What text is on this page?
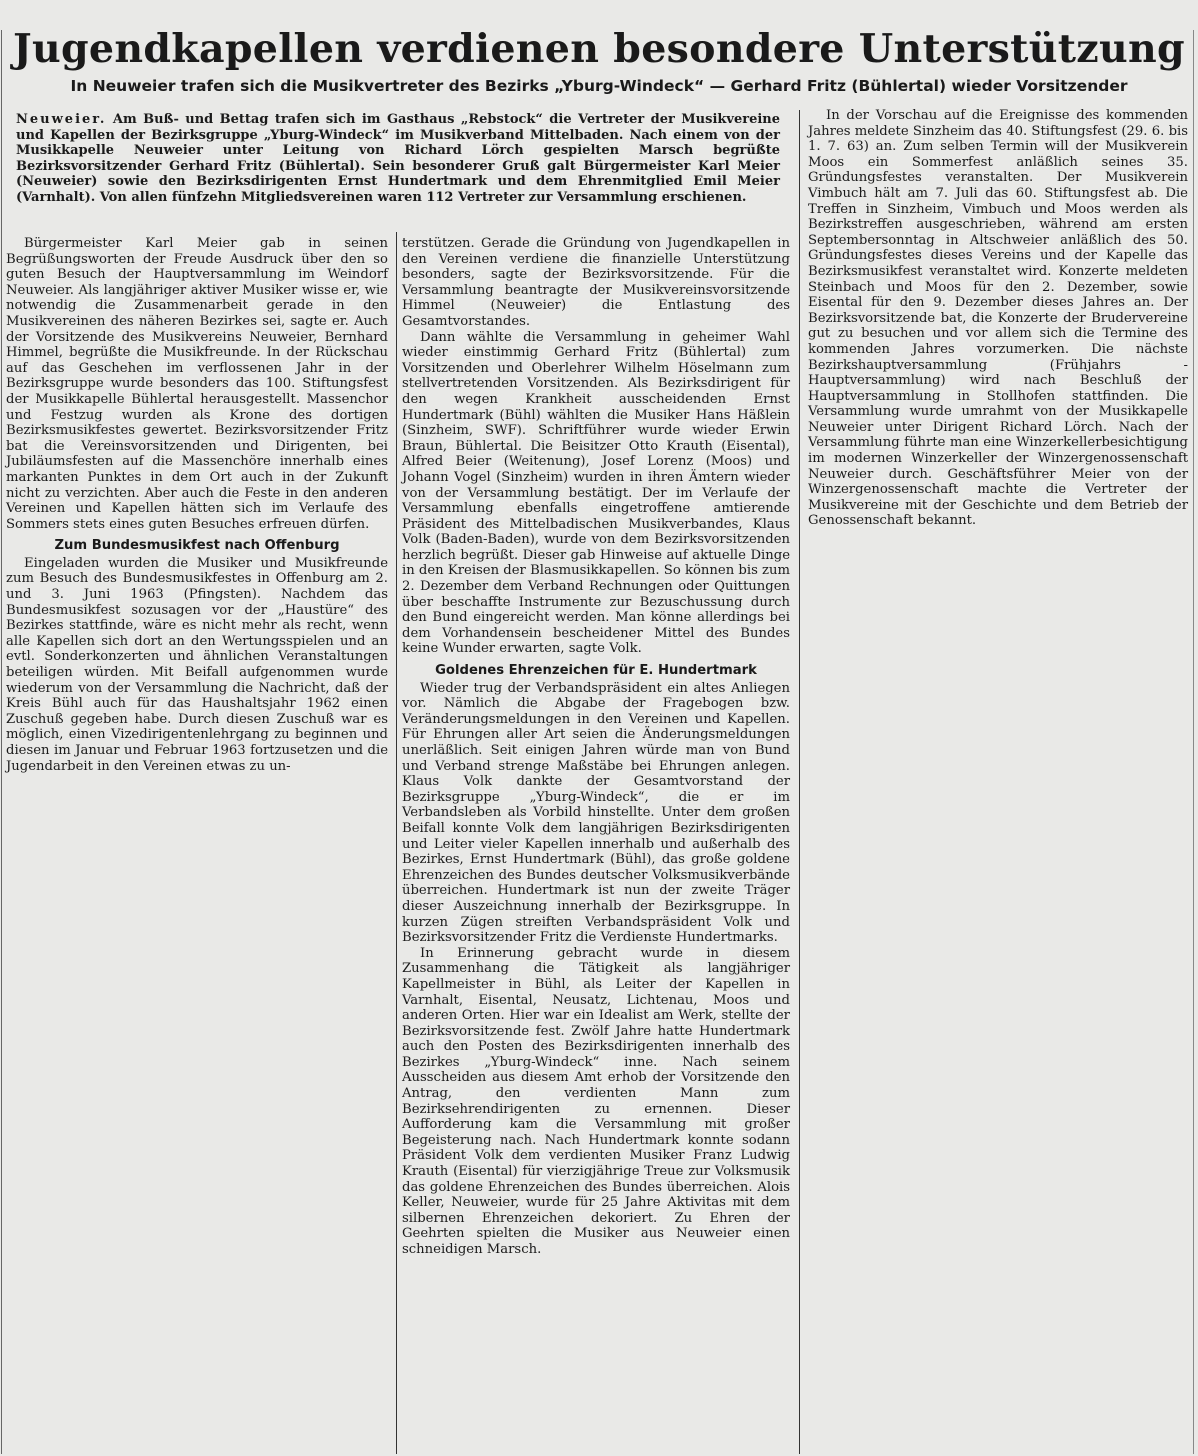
Jugendkapellen verdienen besondere Unterstützung
In Neuweier trafen sich die Musikvertreter des Bezirks „Yburg-Windeck“ — Gerhard Fritz (Bühlertal) wieder Vorsitzender

Neuweier. Am Buß- und Bettag trafen sich im Gasthaus „Rebstock“ die Vertreter der Musikvereine und Kapellen der Bezirksgruppe „Yburg-Windeck“ im Musikverband Mittelbaden. Nach einem von der Musikkapelle Neuweier unter Leitung von Richard Lörch gespielten Marsch begrüßte Bezirksvorsitzender Gerhard Fritz (Bühlertal). Sein besonderer Gruß galt Bürgermeister Karl Meier (Neuweier) sowie den Bezirksdirigenten Ernst Hundertmark und dem Ehrenmitglied Emil Meier (Varnhalt). Von allen fünfzehn Mitgliedsvereinen waren 112 Vertreter zur Versammlung erschienen.

Bürgermeister Karl Meier gab in seinen Begrüßungsworten der Freude Ausdruck über den so guten Besuch der Hauptversammlung im Weindorf Neuweier. Als langjähriger aktiver Musiker wisse er, wie notwendig die Zusammenarbeit gerade in den Musikvereinen des näheren Bezirkes sei, sagte er. Auch der Vorsitzende des Musikvereins Neuweier, Bernhard Himmel, begrüßte die Musikfreunde. In der Rückschau auf das Geschehen im verflossenen Jahr in der Bezirksgruppe wurde besonders das 100. Stiftungsfest der Musikkapelle Bühlertal herausgestellt. Massenchor und Festzug wurden als Krone des dortigen Bezirksmusikfestes gewertet. Bezirksvorsitzender Fritz bat die Vereinsvorsitzenden und Dirigenten, bei Jubiläumsfesten auf die Massenchöre innerhalb eines markanten Punktes in dem Ort auch in der Zukunft nicht zu verzichten. Aber auch die Feste in den anderen Vereinen und Kapellen hätten sich im Verlaufe des Sommers stets eines guten Besuches erfreuen dürfen.

Zum Bundesmusikfest nach Offenburg

Eingeladen wurden die Musiker und Musikfreunde zum Besuch des Bundesmusikfestes in Offenburg am 2. und 3. Juni 1963 (Pfingsten). Nachdem das Bundesmusikfest sozusagen vor der „Haustüre“ des Bezirkes stattfinde, wäre es nicht mehr als recht, wenn alle Kapellen sich dort an den Wertungsspielen und an evtl. Sonderkonzerten und ähnlichen Veranstaltungen beteiligen würden. Mit Beifall aufgenommen wurde wiederum von der Versammlung die Nachricht, daß der Kreis Bühl auch für das Haushaltsjahr 1962 einen Zuschuß gegeben habe. Durch diesen Zuschuß war es möglich, einen Vizedirigentenlehrgang zu beginnen und diesen im Januar und Februar 1963 fortzusetzen und die Jugendarbeit in den Vereinen etwas zu un-

terstützen. Gerade die Gründung von Jugendkapellen in den Vereinen verdiene die finanzielle Unterstützung besonders, sagte der Bezirksvorsitzende. Für die Versammlung beantragte der Musikvereinsvorsitzende Himmel (Neuweier) die Entlastung des Gesamtvorstandes.

Dann wählte die Versammlung in geheimer Wahl wieder einstimmig Gerhard Fritz (Bühlertal) zum Vorsitzenden und Oberlehrer Wilhelm Höselmann zum stellvertretenden Vorsitzenden. Als Bezirksdirigent für den wegen Krankheit ausscheidenden Ernst Hundertmark (Bühl) wählten die Musiker Hans Häßlein (Sinzheim, SWF). Schriftführer wurde wieder Erwin Braun, Bühlertal. Die Beisitzer Otto Krauth (Eisental), Alfred Beier (Weitenung), Josef Lorenz (Moos) und Johann Vogel (Sinzheim) wurden in ihren Ämtern wieder von der Versammlung bestätigt. Der im Verlaufe der Versammlung ebenfalls eingetroffene amtierende Präsident des Mittelbadischen Musikverbandes, Klaus Volk (Baden-Baden), wurde von dem Bezirksvorsitzenden herzlich begrüßt. Dieser gab Hinweise auf aktuelle Dinge in den Kreisen der Blasmusikkapellen. So können bis zum 2. Dezember dem Verband Rechnungen oder Quittungen über beschaffte Instrumente zur Bezuschussung durch den Bund eingereicht werden. Man könne allerdings bei dem Vorhandensein bescheidener Mittel des Bundes keine Wunder erwarten, sagte Volk.

Goldenes Ehrenzeichen für E. Hundertmark

Wieder trug der Verbandspräsident ein altes Anliegen vor. Nämlich die Abgabe der Fragebogen bzw. Veränderungsmeldungen in den Vereinen und Kapellen. Für Ehrungen aller Art seien die Änderungsmeldungen unerläßlich. Seit einigen Jahren würde man von Bund und Verband strenge Maßstäbe bei Ehrungen anlegen. Klaus Volk dankte der Gesamtvorstand der Bezirksgruppe „Yburg-Windeck“, die er im Verbandsleben als Vorbild hinstellte. Unter dem großen Beifall konnte Volk dem langjährigen Bezirksdirigenten und Leiter vieler Kapellen innerhalb und außerhalb des Bezirkes, Ernst Hundertmark (Bühl), das große goldene Ehrenzeichen des Bundes deutscher Volksmusikverbände überreichen. Hundertmark ist nun der zweite Träger dieser Auszeichnung innerhalb der Bezirksgruppe. In kurzen Zügen streiften Verbandspräsident Volk und Bezirksvorsitzender Fritz die Verdienste Hundertmarks.

In Erinnerung gebracht wurde in diesem Zusammenhang die Tätigkeit als langjähriger Kapellmeister in Bühl, als Leiter der Kapellen in Varnhalt, Eisental, Neusatz, Lichtenau, Moos und anderen Orten. Hier war ein Idealist am Werk, stellte der Bezirksvorsitzende fest. Zwölf Jahre hatte Hundertmark auch den Posten des Bezirksdirigenten innerhalb des Bezirkes „Yburg-Windeck“ inne. Nach seinem Ausscheiden aus diesem Amt erhob der Vorsitzende den Antrag, den verdienten Mann zum Bezirksehrendirigenten zu ernennen. Dieser Aufforderung kam die Versammlung mit großer Begeisterung nach. Nach Hundertmark konnte sodann Präsident Volk dem verdienten Musiker Franz Ludwig Krauth (Eisental) für vierzigjährige Treue zur Volksmusik das goldene Ehrenzeichen des Bundes überreichen. Alois Keller, Neuweier, wurde für 25 Jahre Aktivitas mit dem silbernen Ehrenzeichen dekoriert. Zu Ehren der Geehrten spielten die Musiker aus Neuweier einen schneidigen Marsch.

In der Vorschau auf die Ereignisse des kommenden Jahres meldete Sinzheim das 40. Stiftungsfest (29. 6. bis 1. 7. 63) an. Zum selben Termin will der Musikverein Moos ein Sommerfest anläßlich seines 35. Gründungsfestes veranstalten. Der Musikverein Vimbuch hält am 7. Juli das 60. Stiftungsfest ab. Die Treffen in Sinzheim, Vimbuch und Moos werden als Bezirkstreffen ausgeschrieben, während am ersten Septembersonntag in Altschweier anläßlich des 50. Gründungsfestes dieses Vereins und der Kapelle das Bezirksmusikfest veranstaltet wird. Konzerte meldeten Steinbach und Moos für den 2. Dezember, sowie Eisental für den 9. Dezember dieses Jahres an. Der Bezirksvorsitzende bat, die Konzerte der Brudervereine gut zu besuchen und vor allem sich die Termine des kommenden Jahres vorzumerken. Die nächste Bezirkshauptversammlung (Frühjahrs - Hauptversammlung) wird nach Beschluß der Hauptversammlung in Stollhofen stattfinden. Die Versammlung wurde umrahmt von der Musikkapelle Neuweier unter Dirigent Richard Lörch. Nach der Versammlung führte man eine Winzerkellerbesichtigung im modernen Winzerkeller der Winzergenossenschaft Neuweier durch. Geschäftsführer Meier von der Winzergenossenschaft machte die Vertreter der Musikvereine mit der Geschichte und dem Betrieb der Genossenschaft bekannt.
